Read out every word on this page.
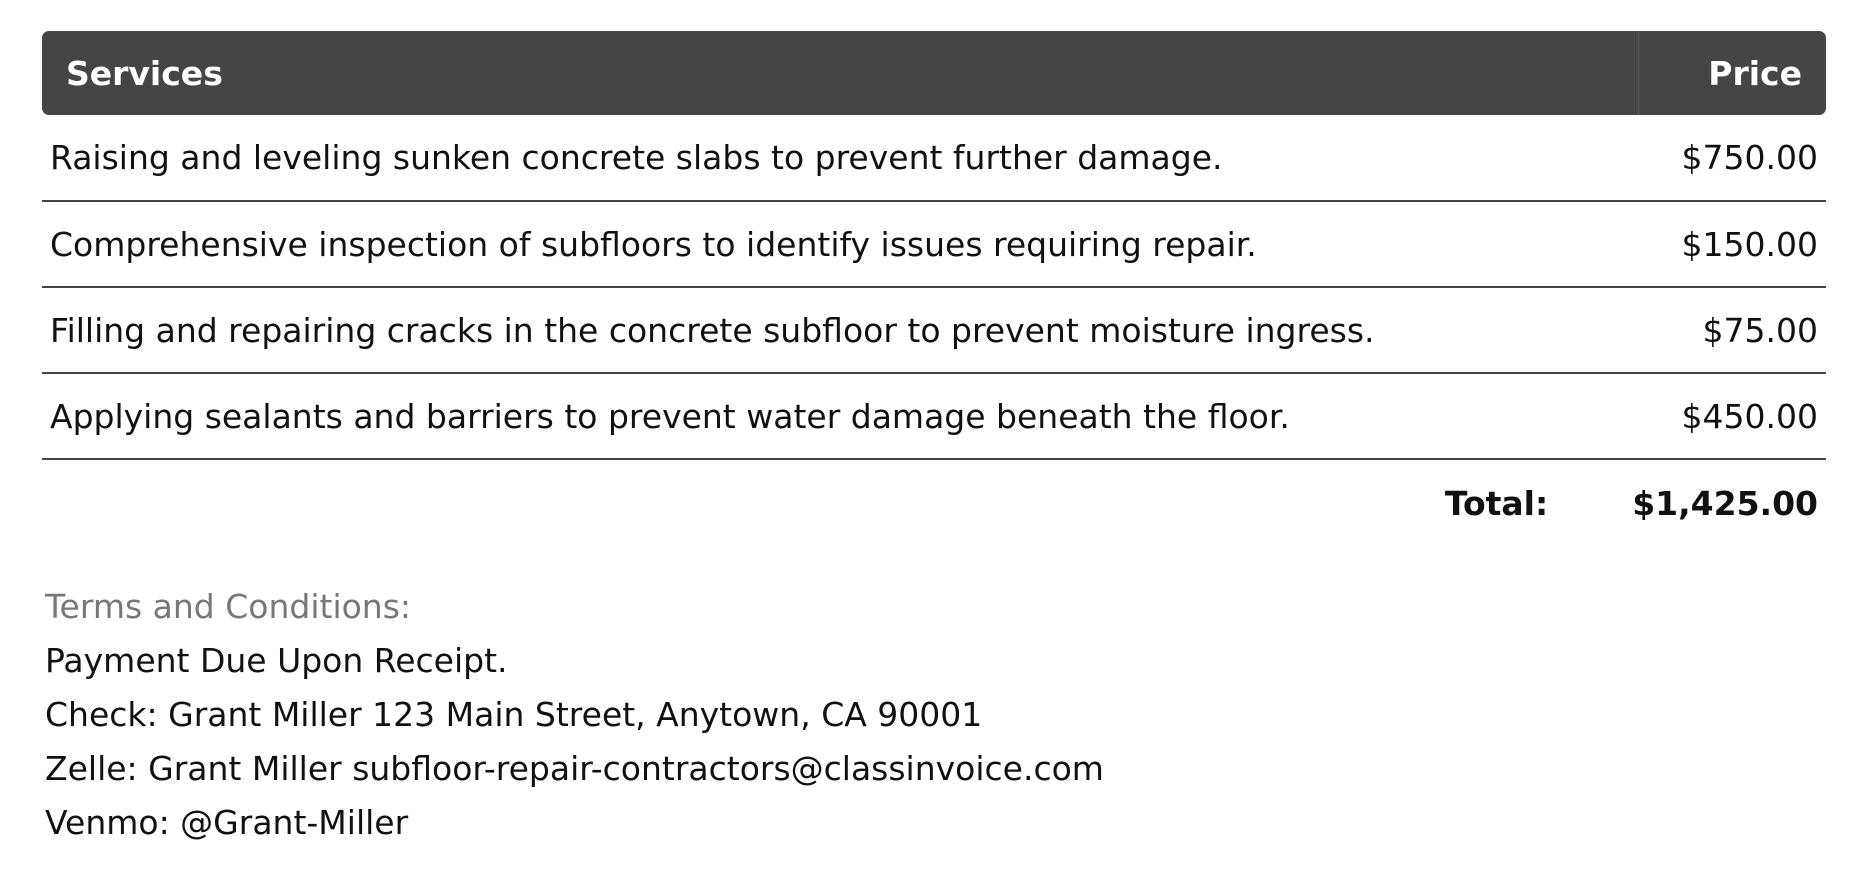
Services	Price
Raising and leveling sunken concrete slabs to prevent further damage.	$750.00
Comprehensive inspection of subfloors to identify issues requiring repair.	$150.00
Filling and repairing cracks in the concrete subfloor to prevent moisture ingress.	$75.00
Applying sealants and barriers to prevent water damage beneath the floor.	$450.00
Total:	$1,425.00
Terms and Conditions:
Payment Due Upon Receipt.
Check: Grant Miller 123 Main Street, Anytown, CA 90001
Zelle: Grant Miller subfloor-repair-contractors@classinvoice.com
Venmo: @Grant-Miller
